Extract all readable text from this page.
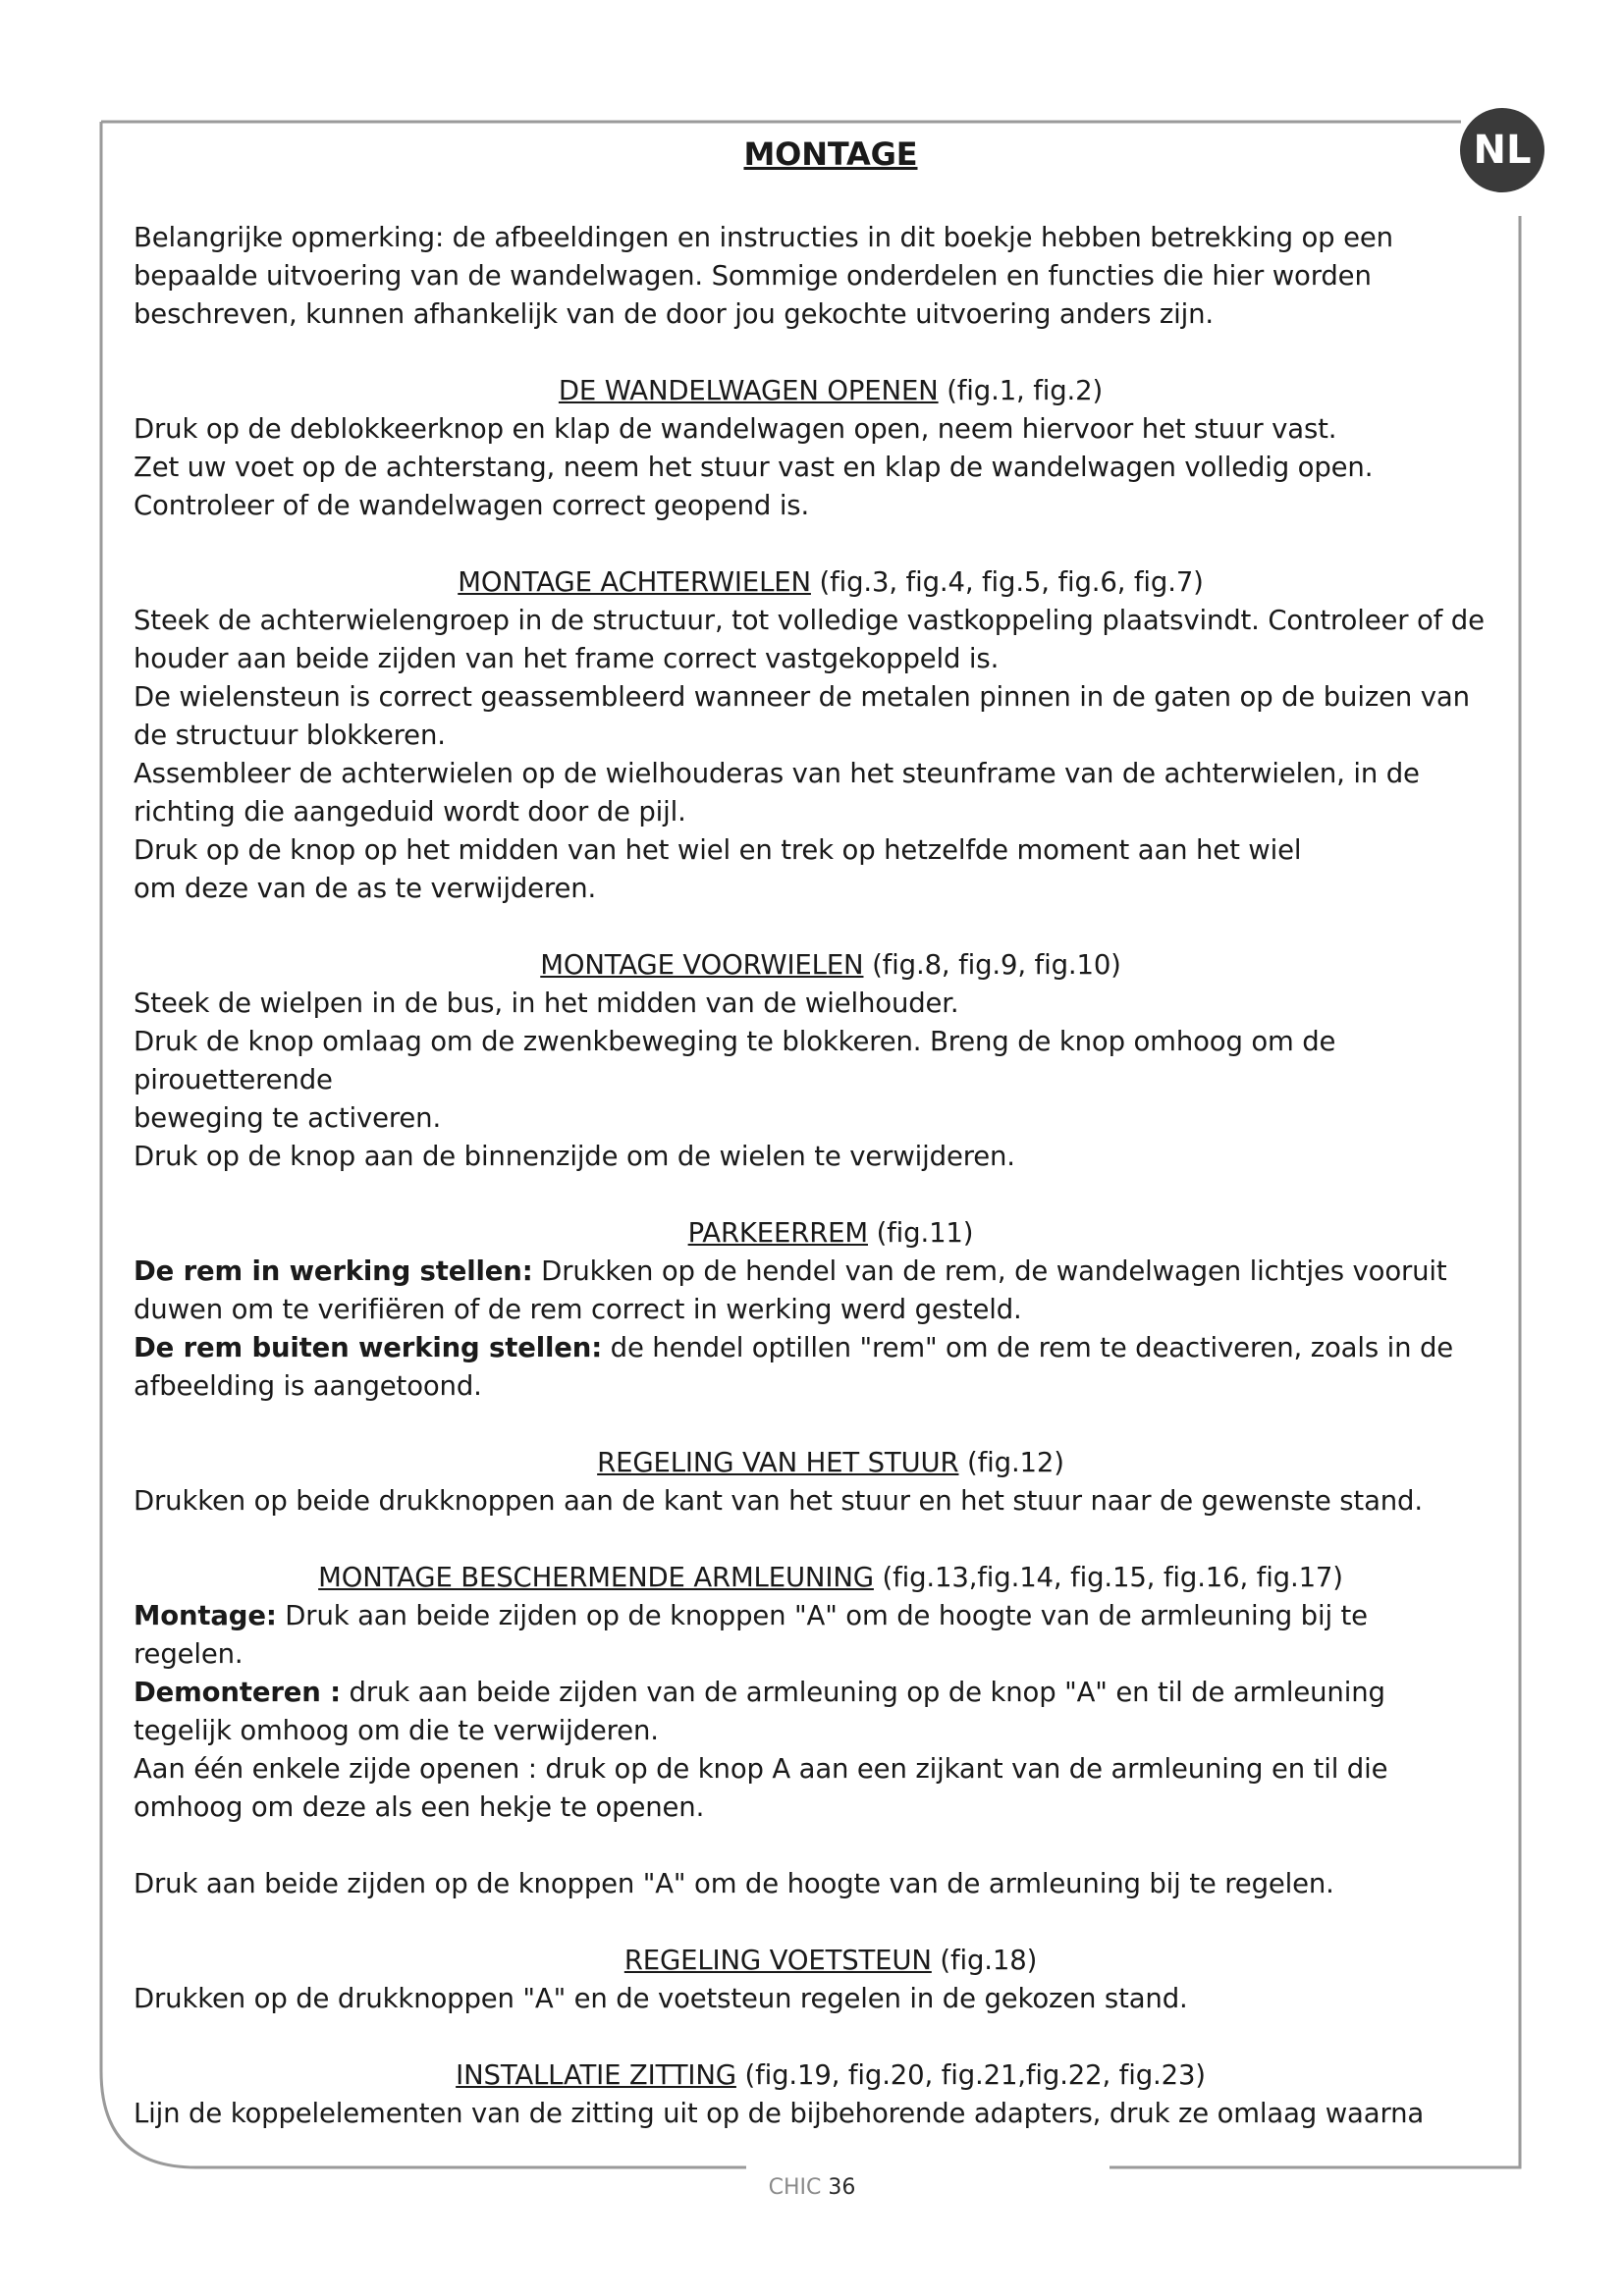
NL
MONTAGE

Belangrijke opmerking: de afbeeldingen en instructies in dit boekje hebben betrekking op een

bepaalde uitvoering van de wandelwagen. Sommige onderdelen en functies die hier worden

beschreven, kunnen afhankelijk van de door jou gekochte uitvoering anders zijn.

DE WANDELWAGEN OPENEN (fig.1, fig.2)

Druk op de deblokkeerknop en klap de wandelwagen open, neem hiervoor het stuur vast.

Zet uw voet op de achterstang, neem het stuur vast en klap de wandelwagen volledig open.

Controleer of de wandelwagen correct geopend is.

MONTAGE ACHTERWIELEN (fig.3, fig.4, fig.5, fig.6, fig.7)

Steek de achterwielengroep in de structuur, tot volledige vastkoppeling plaatsvindt. Controleer of de

houder aan beide zijden van het frame correct vastgekoppeld is.

De wielensteun is correct geassembleerd wanneer de metalen pinnen in de gaten op de buizen van

de structuur blokkeren.

Assembleer de achterwielen op de wielhouderas van het steunframe van de achterwielen, in de

richting die aangeduid wordt door de pijl.

Druk op de knop op het midden van het wiel en trek op hetzelfde moment aan het wiel

om deze van de as te verwijderen.

MONTAGE VOORWIELEN (fig.8, fig.9, fig.10)

Steek de wielpen in de bus, in het midden van de wielhouder.

Druk de knop omlaag om de zwenkbeweging te blokkeren. Breng de knop omhoog om de pirouetterende

beweging te activeren.

Druk op de knop aan de binnenzijde om de wielen te verwijderen.

PARKEERREM (fig.11)

De rem in werking stellen: Drukken op de hendel van de rem, de wandelwagen lichtjes vooruit

duwen om te verifiëren of de rem correct in werking werd gesteld.

De rem buiten werking stellen: de hendel optillen "rem" om de rem te deactiveren, zoals in de

afbeelding is aangetoond.

REGELING VAN HET STUUR (fig.12)

Drukken op beide drukknoppen aan de kant van het stuur en het stuur naar de gewenste stand.

MONTAGE BESCHERMENDE ARMLEUNING (fig.13,fig.14, fig.15, fig.16, fig.17)

Montage: Druk aan beide zijden op de knoppen "A" om de hoogte van de armleuning bij te

regelen.

Demonteren : druk aan beide zijden van de armleuning op de knop "A" en til de armleuning

tegelijk omhoog om die te verwijderen.

Aan één enkele zijde openen : druk op de knop A aan een zijkant van de armleuning en til die

omhoog om deze als een hekje te openen.

Druk aan beide zijden op de knoppen "A" om de hoogte van de armleuning bij te regelen.

REGELING VOETSTEUN (fig.18)

Drukken op de drukknoppen "A" en de voetsteun regelen in de gekozen stand.

INSTALLATIE ZITTING (fig.19, fig.20, fig.21,fig.22, fig.23)

Lijn de koppelelementen van de zitting uit op de bijbehorende adapters, druk ze omlaag waarna

CHIC 36
